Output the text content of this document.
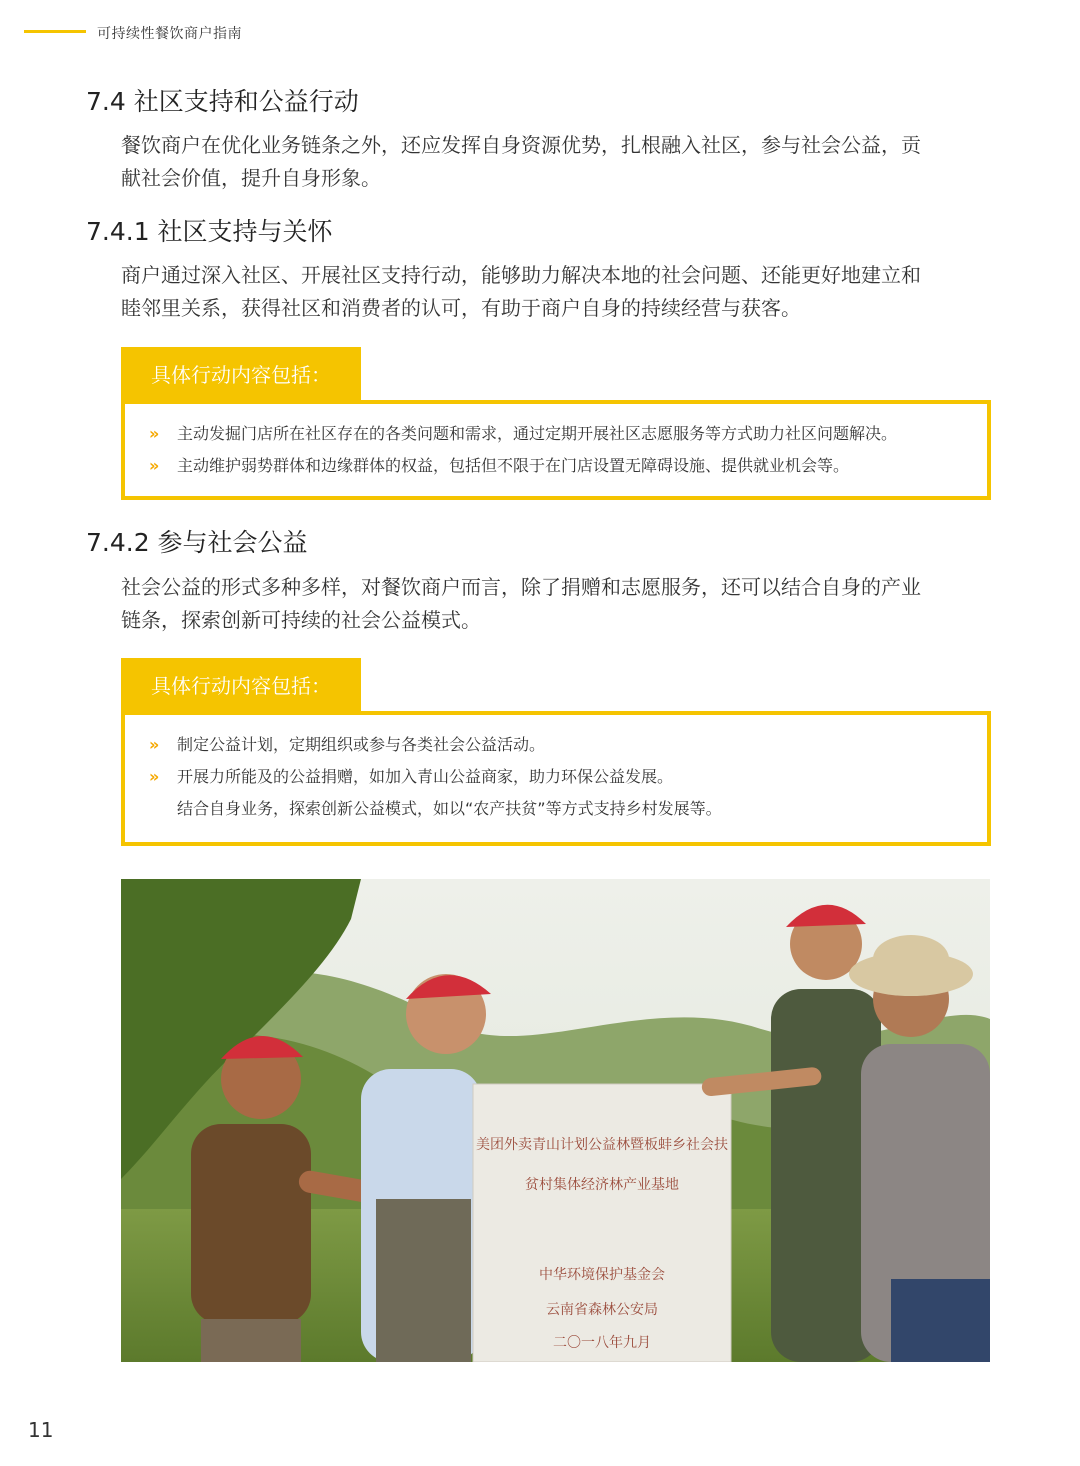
可持续性餐饮商户指南
7.4 社区支持和公益行动

餐饮商户在优化业务链条之外，还应发挥自身资源优势，扎根融入社区，参与社会公益，贡
献社会价值，提升自身形象。

7.4.1 社区支持与关怀

商户通过深入社区、开展社区支持行动，能够助力解决本地的社会问题、还能更好地建立和
睦邻里关系，获得社区和消费者的认可，有助于商户自身的持续经营与获客。

具体行动内容包括：
» 主动发掘门店所在社区存在的各类问题和需求，通过定期开展社区志愿服务等方式助力社区问题解决。
» 主动维护弱势群体和边缘群体的权益，包括但不限于在门店设置无障碍设施、提供就业机会等。
7.4.2 参与社会公益

社会公益的形式多种多样，对餐饮商户而言，除了捐赠和志愿服务，还可以结合自身的产业
链条，探索创新可持续的社会公益模式。

具体行动内容包括：
» 制定公益计划，定期组织或参与各类社会公益活动。
» 开展力所能及的公益捐赠，如加入青山公益商家，助力环保公益发展。
结合自身业务，探索创新公益模式，如以“农产扶贫”等方式支持乡村发展等。
美团外卖青山计划公益林暨板蚌乡社会扶
贫村集体经济林产业基地
中华环境保护基金会
云南省森林公安局
二〇一八年九月
11
